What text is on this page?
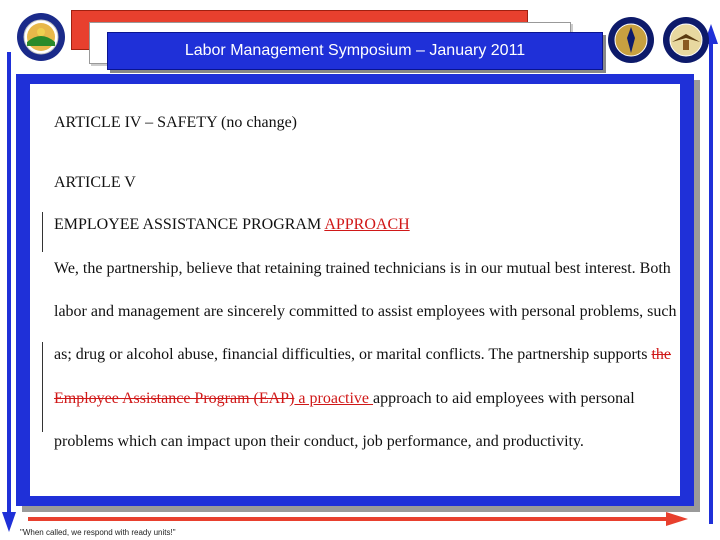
Labor Management Symposium – January 2011
ARTICLE IV – SAFETY (no change)
ARTICLE V
EMPLOYEE ASSISTANCE PROGRAM APPROACH
We, the partnership, believe that retaining trained technicians is in our mutual best interest. Both
labor and management are sincerely committed to assist employees with personal problems, such
as; drug or alcohol abuse, financial difficulties, or marital conflicts. The partnership supports the
Employee Assistance Program (EAP) a proactive approach to aid employees with personal
problems which can impact upon their conduct, job performance, and productivity.
"When called, we respond with ready units!"
